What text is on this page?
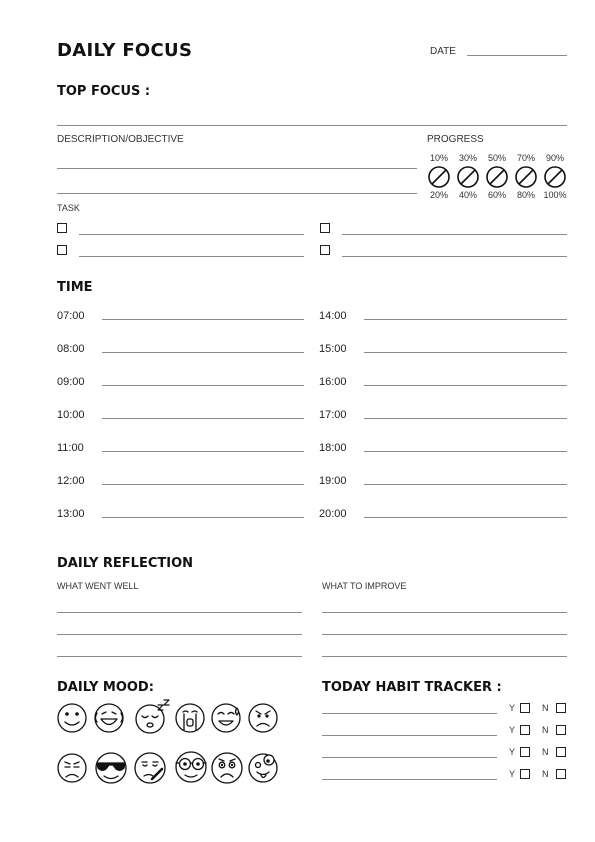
DAILY FOCUS	DATE
TOP FOCUS :
DESCRIPTION/OBJECTIVE	PROGRESS
10%
20%
30%
40%
50%
60%
70%
80%
90%
100%
TASK
TIME
07:00	14:00
08:00	15:00
09:00	16:00
10:00	17:00
11:00	18:00
12:00	19:00
13:00	20:00
DAILY REFLECTION
WHAT WENT WELL	WHAT TO IMPROVE
DAILY MOOD:	TODAY HABIT TRACKER :
Y	N
Y	N
Y	N
Y	N
